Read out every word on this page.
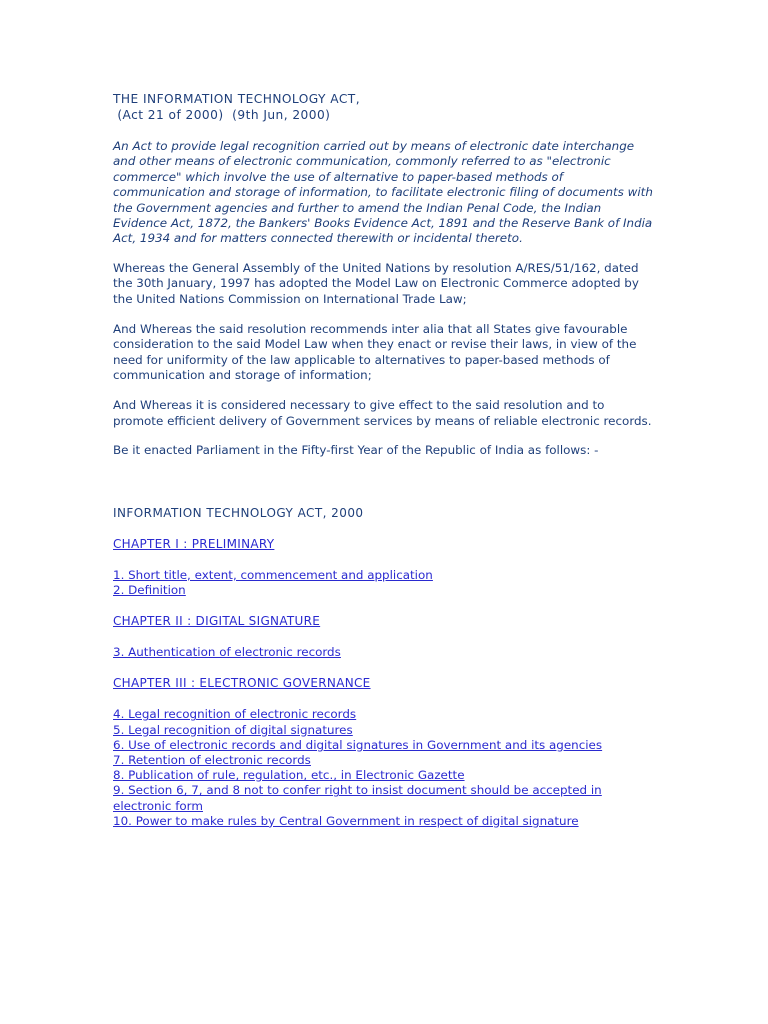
THE INFORMATION TECHNOLOGY ACT,

(Act 21 of 2000)  (9th Jun, 2000)

An Act to provide legal recognition carried out by means of electronic date interchange and other means of electronic communication, commonly referred to as "electronic commerce" which involve the use of alternative to paper-based methods of communication and storage of information, to facilitate electronic filing of documents with the Government agencies and further to amend the Indian Penal Code, the Indian Evidence Act, 1872, the Bankers' Books Evidence Act, 1891 and the Reserve Bank of India Act, 1934 and for matters connected therewith or incidental thereto.

Whereas the General Assembly of the United Nations by resolution A/RES/51/162, dated the 30th January, 1997 has adopted the Model Law on Electronic Commerce adopted by the United Nations Commission on International Trade Law;

And Whereas the said resolution recommends inter alia that all States give favourable consideration to the said Model Law when they enact or revise their laws, in view of the need for uniformity of the law applicable to alternatives to paper-based methods of communication and storage of information;

And Whereas it is considered necessary to give effect to the said resolution and to promote efficient delivery of Government services by means of reliable electronic records.

Be it enacted Parliament in the Fifty-first Year of the Republic of India as follows: -

INFORMATION TECHNOLOGY ACT, 2000

CHAPTER I : PRELIMINARY
1. Short title, extent, commencement and application
2. Definition
CHAPTER II : DIGITAL SIGNATURE
3. Authentication of electronic records
CHAPTER III : ELECTRONIC GOVERNANCE
4. Legal recognition of electronic records
5. Legal recognition of digital signatures
6. Use of electronic records and digital signatures in Government and its agencies
7. Retention of electronic records
8. Publication of rule, regulation, etc., in Electronic Gazette
9. Section 6, 7, and 8 not to confer right to insist document should be accepted in electronic form
10. Power to make rules by Central Government in respect of digital signature
